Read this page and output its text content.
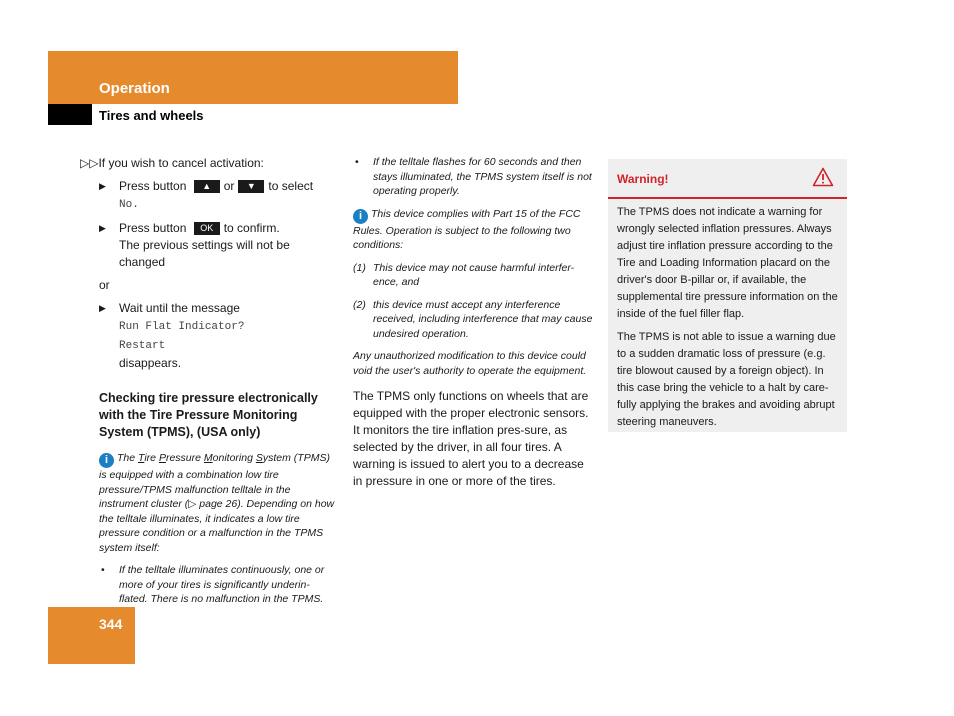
Operation
Tires and wheels
▷▷If you wish to cancel activation:
▶ Press button ▲ or ▼ to select
No.
▶ Press button OK to confirm.
The previous settings will not be changed
or
▶ Wait until the message
Run Flat Indicator?
Restart
disappears.
Checking tire pressure electronically with the Tire Pressure Monitoring System (TPMS), (USA only)
i The Tire Pressure Monitoring System (TPMS) is equipped with a combination low tire pressure/TPMS malfunction telltale in the instrument cluster (▷ page 26). Depending on how the telltale illuminates, it indicates a low tire pressure condition or a malfunction in the TPMS system itself:
• If the telltale illuminates continuously, one or more of your tires is significantly underin-flated. There is no malfunction in the TPMS.
• If the telltale flashes for 60 seconds and then stays illuminated, the TPMS system itself is not operating properly.
i This device complies with Part 15 of the FCC Rules. Operation is subject to the following two conditions:
(1) This device may not cause harmful interfer-ence, and
(2) this device must accept any interference received, including interference that may cause undesired operation.
Any unauthorized modification to this device could void the user's authority to operate the equipment.
The TPMS only functions on wheels that are equipped with the proper electronic sensors. It monitors the tire inflation pres-sure, as selected by the driver, in all four tires. A warning is issued to alert you to a decrease in pressure in one or more of the tires.
Warning!

The TPMS does not indicate a warning for wrongly selected inflation pressures. Always adjust tire inflation pressure according to the Tire and Loading Information placard on the driver's door B-pillar or, if available, the supplemental tire pressure information on the inside of the fuel filler flap.

The TPMS is not able to issue a warning due to a sudden dramatic loss of pressure (e.g. tire blowout caused by a foreign object). In this case bring the vehicle to a halt by care-fully applying the brakes and avoiding abrupt steering maneuvers.

344
